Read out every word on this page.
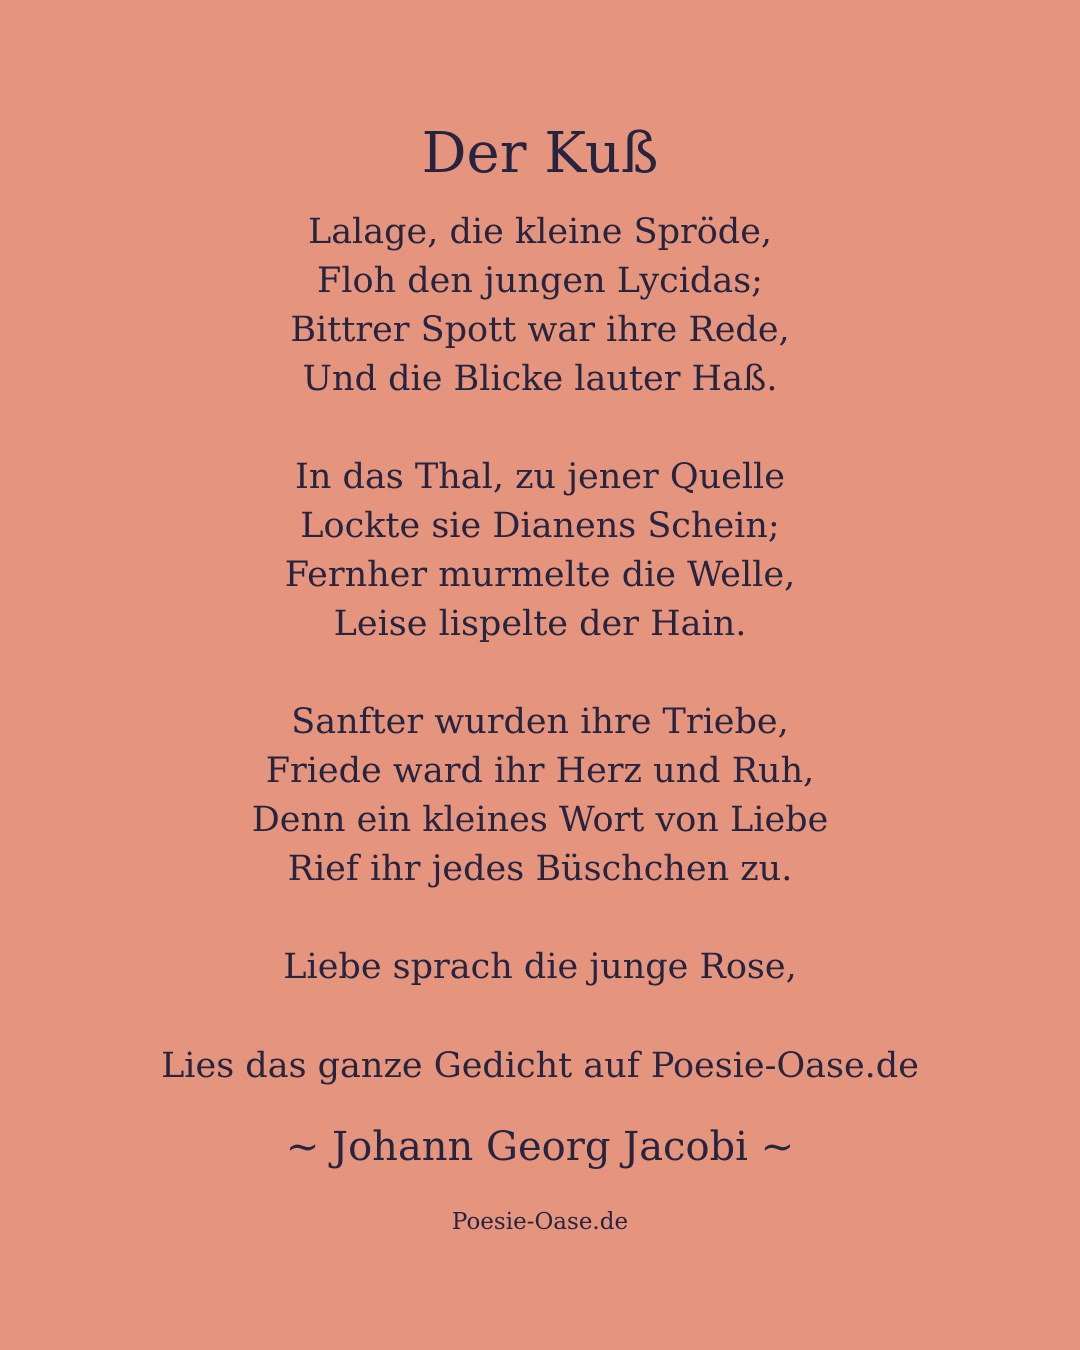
Der Kuß
Lalage, die kleine Spröde,
Floh den jungen Lycidas;
Bittrer Spott war ihre Rede,
Und die Blicke lauter Haß.
In das Thal, zu jener Quelle
Lockte sie Dianens Schein;
Fernher murmelte die Welle,
Leise lispelte der Hain.
Sanfter wurden ihre Triebe,
Friede ward ihr Herz und Ruh,
Denn ein kleines Wort von Liebe
Rief ihr jedes Büschchen zu.
Liebe sprach die junge Rose,
Lies das ganze Gedicht auf Poesie-Oase.de
~ Johann Georg Jacobi ~
Poesie-Oase.de
